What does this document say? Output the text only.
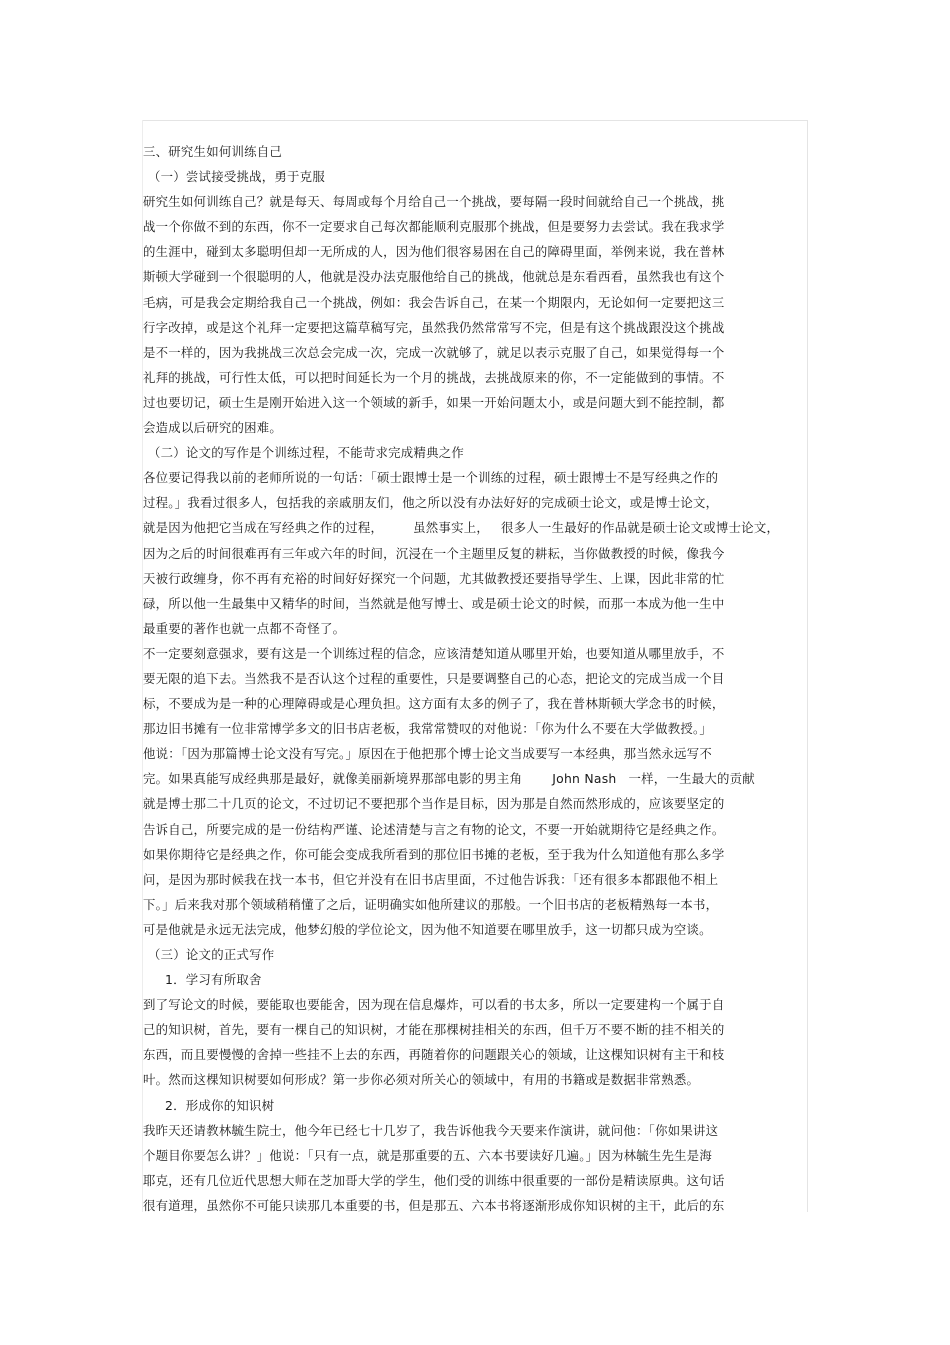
三、研究生如何训练自己
（一）尝试接受挑战，勇于克服
研究生如何训练自己？就是每天、每周或每个月给自己一个挑战，要每隔一段时间就给自己一个挑战，挑
战一个你做不到的东西，你不一定要求自己每次都能顺利克服那个挑战，但是要努力去尝试。我在我求学
的生涯中，碰到太多聪明但却一无所成的人，因为他们很容易困在自己的障碍里面，举例来说，我在普林
斯顿大学碰到一个很聪明的人，他就是没办法克服他给自己的挑战，他就总是东看西看，虽然我也有这个
毛病，可是我会定期给我自己一个挑战，例如：我会告诉自己，在某一个期限内，无论如何一定要把这三
行字改掉，或是这个礼拜一定要把这篇草稿写完，虽然我仍然常常写不完，但是有这个挑战跟没这个挑战
是不一样的，因为我挑战三次总会完成一次，完成一次就够了，就足以表示克服了自己，如果觉得每一个
礼拜的挑战，可行性太低，可以把时间延长为一个月的挑战，去挑战原来的你，不一定能做到的事情。不
过也要切记，硕士生是刚开始进入这一个领域的新手，如果一开始问题太小，或是问题大到不能控制，都
会造成以后研究的困难。
（二）论文的写作是个训练过程，不能苛求完成精典之作
各位要记得我以前的老师所说的一句话：「硕士跟博士是一个训练的过程，硕士跟博士不是写经典之作的
过程。」我看过很多人，包括我的亲戚朋友们，他之所以没有办法好好的完成硕士论文，或是博士论文，
就是因为他把它当成在写经典之作的过程， 虽然事实上， 很多人一生最好的作品就是硕士论文或博士论文，
因为之后的时间很难再有三年或六年的时间，沉浸在一个主题里反复的耕耘，当你做教授的时候，像我今
天被行政缠身，你不再有充裕的时间好好探究一个问题，尤其做教授还要指导学生、上课，因此非常的忙
碌，所以他一生最集中又精华的时间，当然就是他写博士、或是硕士论文的时候，而那一本成为他一生中
最重要的著作也就一点都不奇怪了。
不一定要刻意强求，要有这是一个训练过程的信念，应该清楚知道从哪里开始，也要知道从哪里放手，不
要无限的追下去。当然我不是否认这个过程的重要性，只是要调整自己的心态，把论文的完成当成一个目
标，不要成为是一种的心理障碍或是心理负担。这方面有太多的例子了，我在普林斯顿大学念书的时候，
那边旧书摊有一位非常博学多文的旧书店老板，我常常赞叹的对他说：「你为什么不要在大学做教授。」
他说：「因为那篇博士论文没有写完。」原因在于他把那个博士论文当成要写一本经典，那当然永远写不
完。如果真能写成经典那是最好，就像美丽新境界那部电影的男主角 John Nash 一样，一生最大的贡献
就是博士那二十几页的论文，不过切记不要把那个当作是目标，因为那是自然而然形成的，应该要坚定的
告诉自己，所要完成的是一份结构严谨、论述清楚与言之有物的论文，不要一开始就期待它是经典之作。
如果你期待它是经典之作，你可能会变成我所看到的那位旧书摊的老板，至于我为什么知道他有那么多学
问，是因为那时候我在找一本书，但它并没有在旧书店里面，不过他告诉我：「还有很多本都跟他不相上
下。」后来我对那个领域稍稍懂了之后，证明确实如他所建议的那般。一个旧书店的老板精熟每一本书，
可是他就是永远无法完成，他梦幻般的学位论文，因为他不知道要在哪里放手，这一切都只成为空谈。
（三）论文的正式写作
1．学习有所取舍
到了写论文的时候，要能取也要能舍，因为现在信息爆炸，可以看的书太多，所以一定要建构一个属于自
己的知识树，首先，要有一棵自己的知识树，才能在那棵树挂相关的东西，但千万不要不断的挂不相关的
东西，而且要慢慢的舍掉一些挂不上去的东西，再随着你的问题跟关心的领域，让这棵知识树有主干和枝
叶。然而这棵知识树要如何形成？第一步你必须对所关心的领域中，有用的书籍或是数据非常熟悉。
2．形成你的知识树
我昨天还请教林毓生院士，他今年已经七十几岁了，我告诉他我今天要来作演讲，就问他：「你如果讲这
个题目你要怎么讲？」他说：「只有一点，就是那重要的五、六本书要读好几遍。」因为林毓生先生是海
耶克，还有几位近代思想大师在芝加哥大学的学生，他们受的训练中很重要的一部份是精读原典。这句话
很有道理，虽然你不可能只读那几本重要的书，但是那五、六本书将逐渐形成你知识树的主干，此后的东
